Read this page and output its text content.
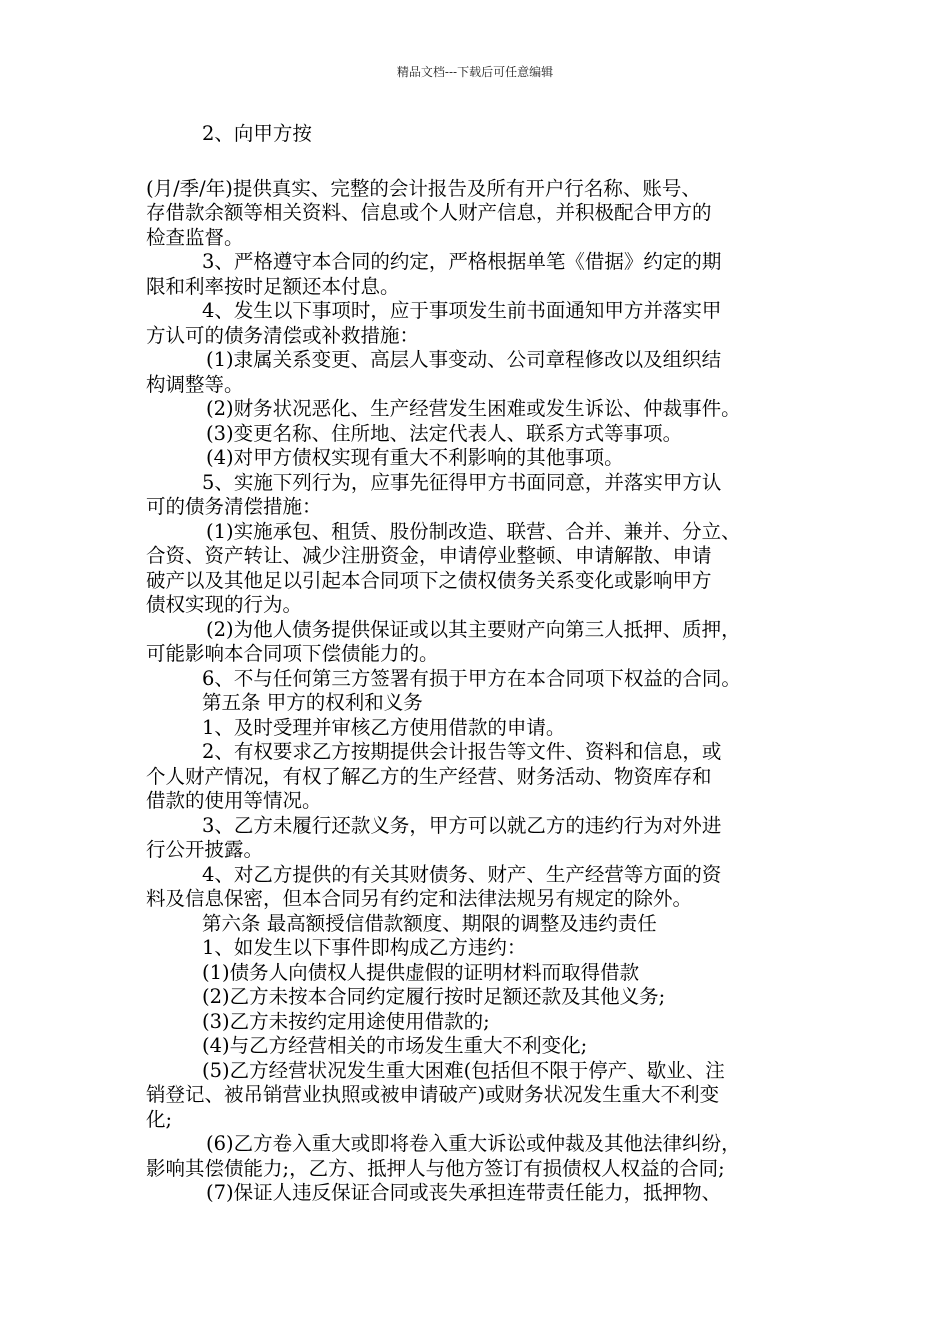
精品文档---下载后可任意编辑
2、向甲方按
(月/季/年)提供真实、完整的会计报告及所有开户行名称、账号、
存借款余额等相关资料、信息或个人财产信息，并积极配合甲方的
检查监督。
3、严格遵守本合同的约定，严格根据单笔《借据》约定的期
限和利率按时足额还本付息。
4、发生以下事项时，应于事项发生前书面通知甲方并落实甲
方认可的债务清偿或补救措施：
(1)隶属关系变更、高层人事变动、公司章程修改以及组织结
构调整等。
(2)财务状况恶化、生产经营发生困难或发生诉讼、仲裁事件。
(3)变更名称、住所地、法定代表人、联系方式等事项。
(4)对甲方债权实现有重大不利影响的其他事项。
5、实施下列行为，应事先征得甲方书面同意，并落实甲方认
可的债务清偿措施：
(1)实施承包、租赁、股份制改造、联营、合并、兼并、分立、
合资、资产转让、减少注册资金，申请停业整顿、申请解散、申请
破产以及其他足以引起本合同项下之债权债务关系变化或影响甲方
债权实现的行为。
(2)为他人债务提供保证或以其主要财产向第三人抵押、质押，
可能影响本合同项下偿债能力的。
6、不与任何第三方签署有损于甲方在本合同项下权益的合同。
第五条 甲方的权利和义务
1、及时受理并审核乙方使用借款的申请。
2、有权要求乙方按期提供会计报告等文件、资料和信息，或
个人财产情况，有权了解乙方的生产经营、财务活动、物资库存和
借款的使用等情况。
3、乙方未履行还款义务，甲方可以就乙方的违约行为对外进
行公开披露。
4、对乙方提供的有关其财债务、财产、生产经营等方面的资
料及信息保密，但本合同另有约定和法律法规另有规定的除外。
第六条 最高额授信借款额度、期限的调整及违约责任
1、如发生以下事件即构成乙方违约：
(1)债务人向债权人提供虚假的证明材料而取得借款
(2)乙方未按本合同约定履行按时足额还款及其他义务;
(3)乙方未按约定用途使用借款的;
(4)与乙方经营相关的市场发生重大不利变化;
(5)乙方经营状况发生重大困难(包括但不限于停产、歇业、注
销登记、被吊销营业执照或被申请破产)或财务状况发生重大不利变
化;
(6)乙方卷入重大或即将卷入重大诉讼或仲裁及其他法律纠纷，
影响其偿债能力;，乙方、抵押人与他方签订有损债权人权益的合同;
(7)保证人违反保证合同或丧失承担连带责任能力，抵押物、
